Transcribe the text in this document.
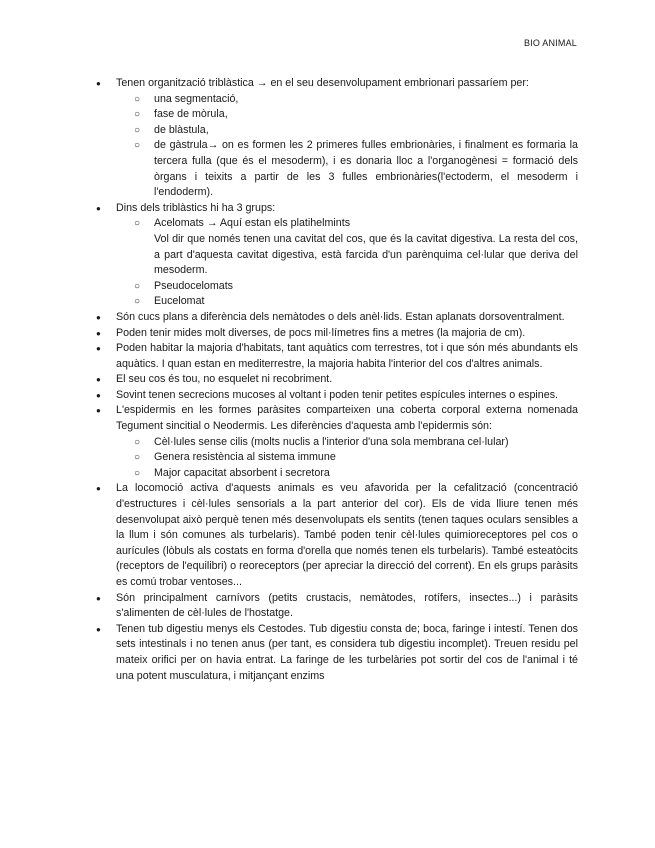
BIO ANIMAL
● Tenen organització triblàstica → en el seu desenvolupament embrionari passaríem per:
○ una segmentació,
○ fase de mòrula,
○ de blàstula,
○ de gàstrula→ on es formen les 2 primeres fulles embrionàries, i finalment es formaria la tercera fulla (que és el mesoderm), i es donaria lloc a l'organogènesi = formació dels òrgans i teixits a partir de les 3 fulles embrionàries(l'ectoderm, el mesoderm i l'endoderm).
● Dins dels triblàstics hi ha 3 grups:
○ Acelomats → Aquí estan els platihelmints
Vol dir que només tenen una cavitat del cos, que és la cavitat digestiva. La resta del cos, a part d'aquesta cavitat digestiva, està farcida d'un parènquima cel·lular que deriva del mesoderm.
○ Pseudocelomats
○ Eucelomat
● Són cucs plans a diferència dels nemàtodes o dels anèl·lids. Estan aplanats dorsoventralment.
● Poden tenir mides molt diverses, de pocs mil·límetres fins a metres (la majoria de cm).
● Poden habitar la majoria d'habitats, tant aquàtics com terrestres, tot i que són més abundants els aquàtics. I quan estan en mediterrestre, la majoria habita l'interior del cos d'altres animals.
● El seu cos és tou, no esquelet ni recobriment.
● Sovint tenen secrecions mucoses al voltant i poden tenir petites espícules internes o espines.
● L'espidermis en les formes paràsites comparteixen una coberta corporal externa nomenada Tegument sincitial o Neodermis. Les diferències d'aquesta amb l'epidermis són:
○ Cèl·lules sense cilis (molts nuclis a l'interior d'una sola membrana cel·lular)
○ Genera resistència al sistema immune
○ Major capacitat absorbent i secretora
● La locomoció activa d'aquests animals es veu afavorida per la cefalització (concentració d'estructures i cèl·lules sensorials a la part anterior del cor). Els de vida lliure tenen més desenvolupat això perquè tenen més desenvolupats els sentits (tenen taques oculars sensibles a la llum i són comunes als turbelaris). També poden tenir cèl·lules quimioreceptores pel cos o aurícules (lòbuls als costats en forma d'orella que només tenen els turbelaris). També esteatòcits (receptors de l'equilibri) o reoreceptors (per apreciar la direcció del corrent). En els grups paràsits es comú trobar ventoses...
● Són principalment carnívors (petits crustacis, nemàtodes, rotífers, insectes...) i paràsits s'alimenten de cèl·lules de l'hostatge.
● Tenen tub digestiu menys els Cestodes. Tub digestiu consta de; boca, faringe i intestí. Tenen dos sets intestinals i no tenen anus (per tant, es considera tub digestiu incomplet). Treuen residu pel mateix orifici per on havia entrat. La faringe de les turbelàries pot sortir del cos de l'animal i té una potent musculatura, i mitjançant enzims
